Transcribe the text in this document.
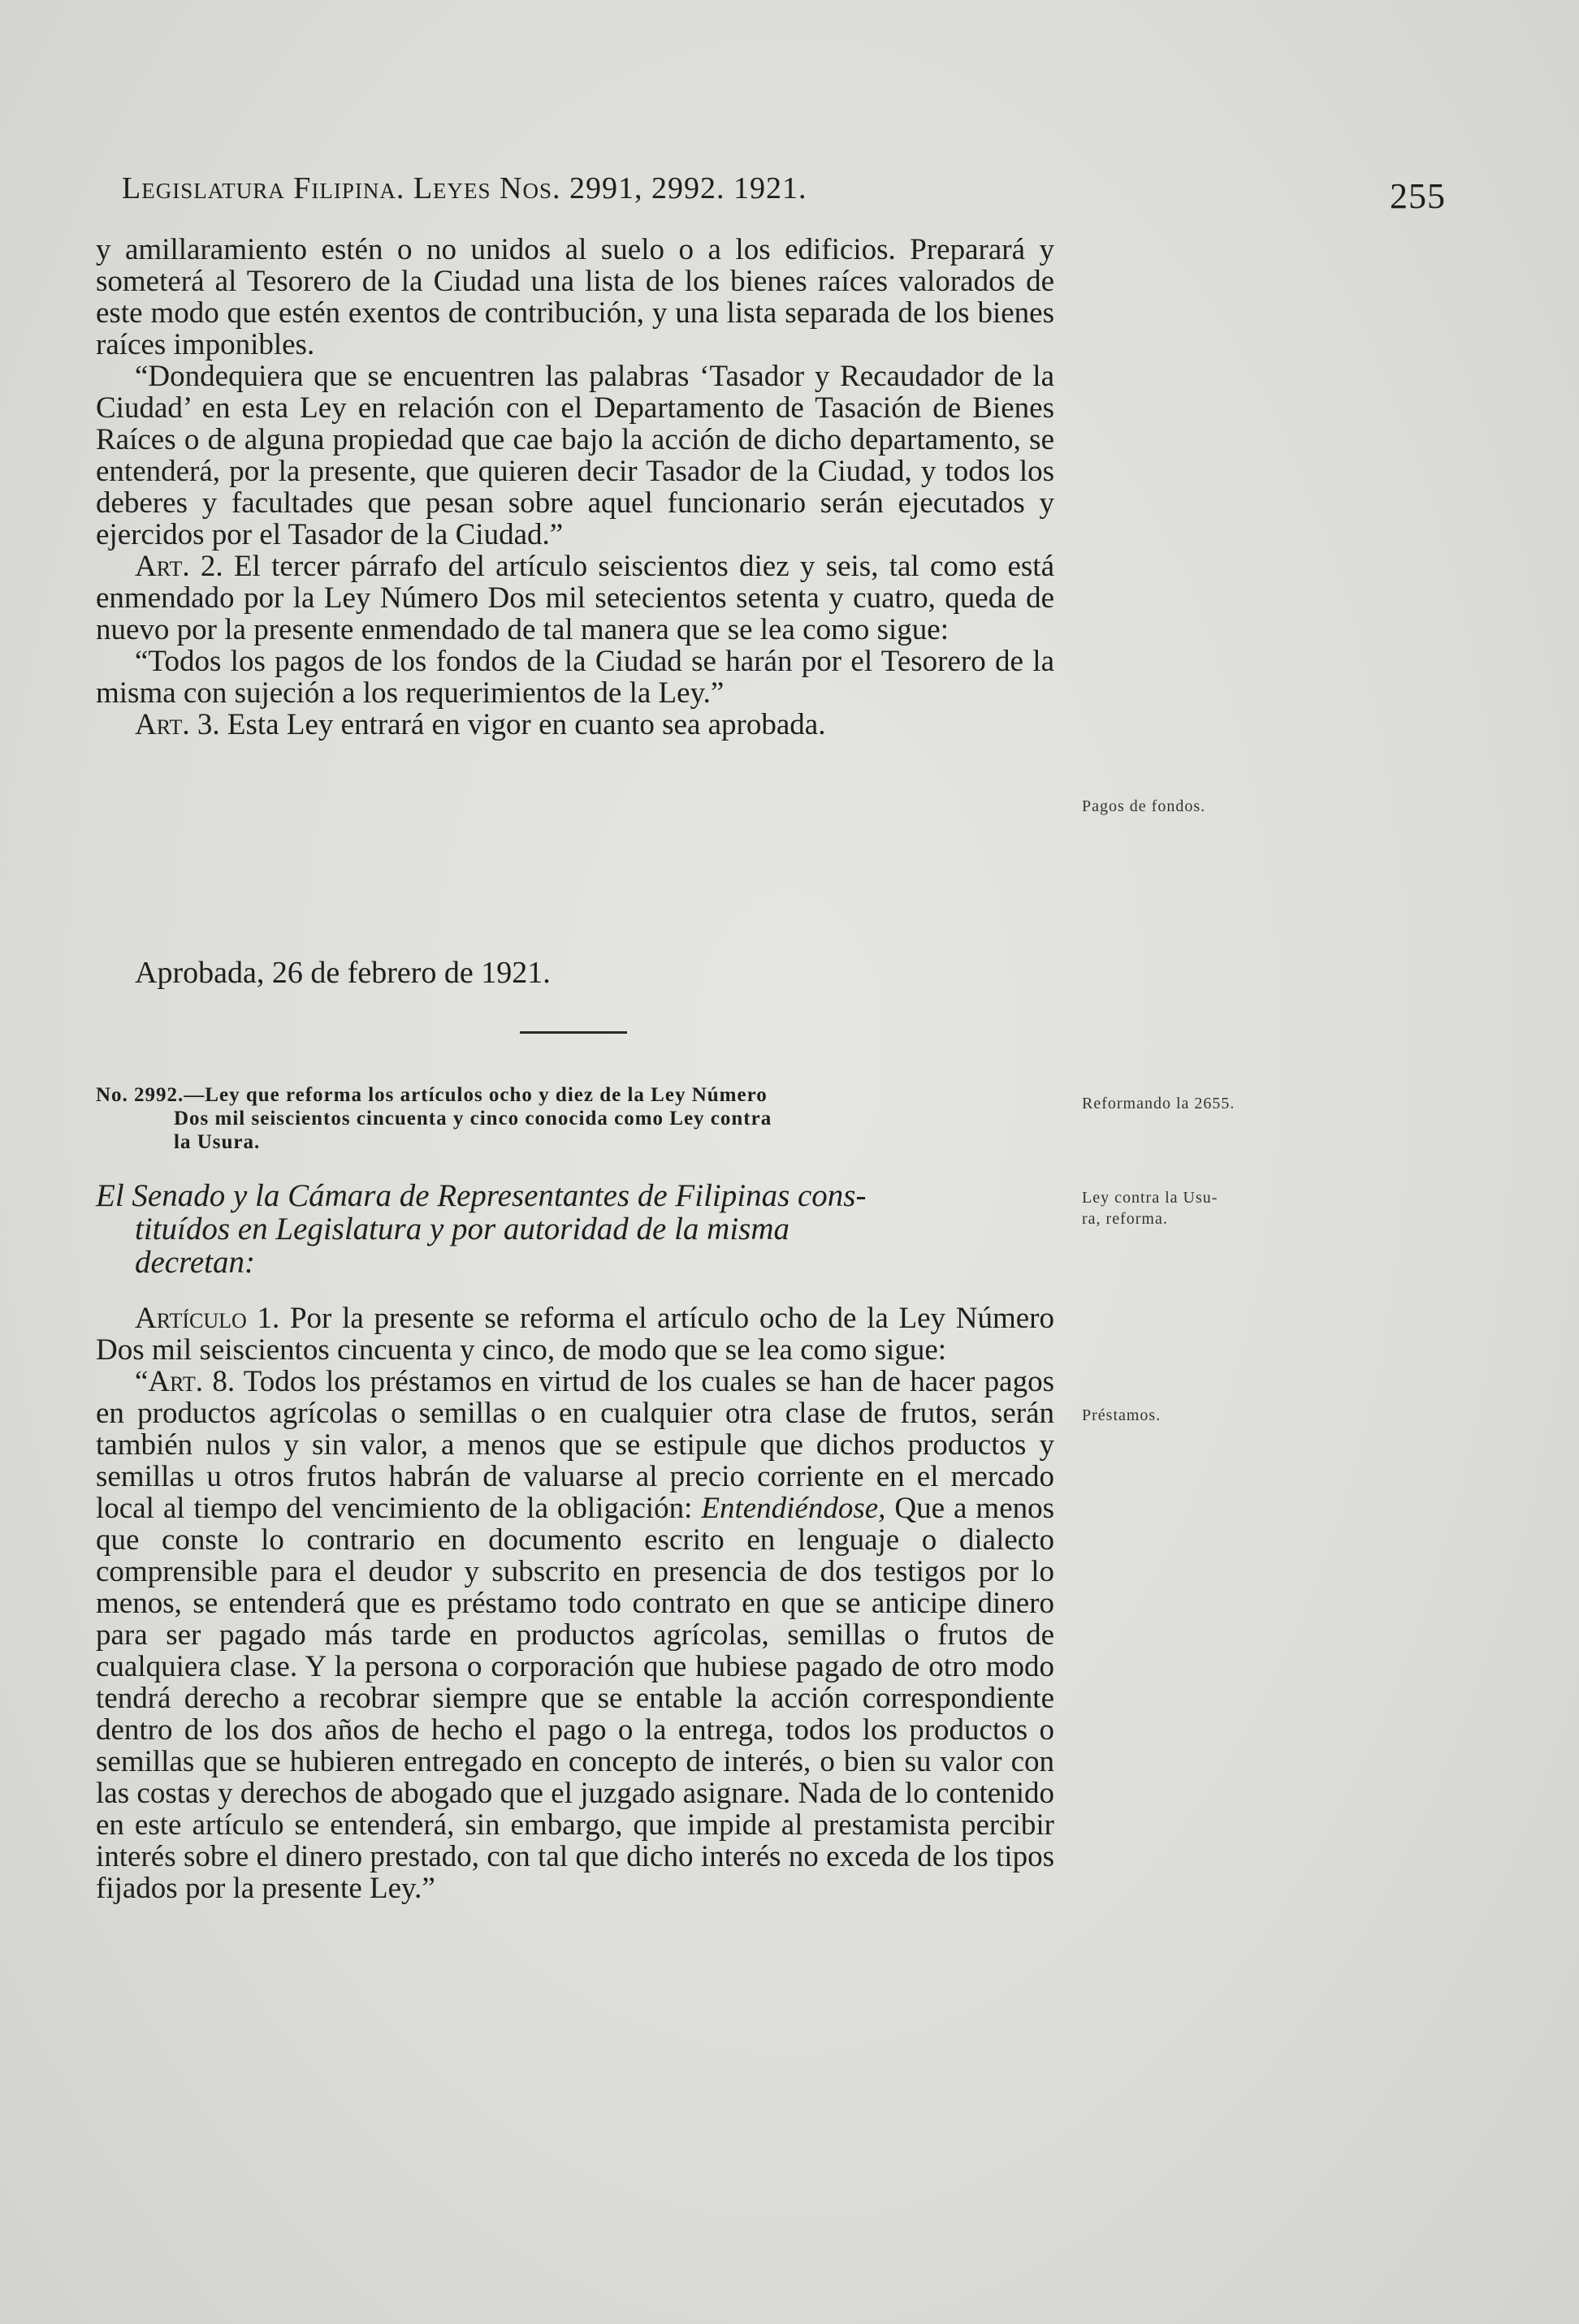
Legislatura Filipina. Leyes Nos. 2991, 2992. 1921.	255

y amillaramiento estén o no unidos al suelo o a los edificios. Preparará y someterá al Tesorero de la Ciudad una lista de los bienes raíces valorados de este modo que estén exentos de contribución, y una lista separada de los bienes raíces imponibles.

“Dondequiera que se encuentren las palabras ‘Tasador y Recaudador de la Ciudad’ en esta Ley en relación con el Departamento de Tasación de Bienes Raíces o de alguna propiedad que cae bajo la acción de dicho departamento, se entenderá, por la presente, que quieren decir Tasador de la Ciudad, y todos los deberes y facultades que pesan sobre aquel funcionario serán ejecutados y ejercidos por el Tasador de la Ciudad.”

Art. 2. El tercer párrafo del artículo seiscientos diez y seis, tal como está enmendado por la Ley Número Dos mil setecientos setenta y cuatro, queda de nuevo por la presente enmendado de tal manera que se lea como sigue:

“Todos los pagos de los fondos de la Ciudad se harán por el Tesorero de la misma con sujeción a los requerimientos de la Ley.”

Art. 3. Esta Ley entrará en vigor en cuanto sea aprobada.

Aprobada, 26 de febrero de 1921.
No. 2992.—Ley que reforma los artículos ocho y diez de la Ley Número
Dos mil seiscientos cincuenta y cinco conocida como Ley contra
la Usura.
El Senado y la Cámara de Representantes de Filipinas cons-
tituídos en Legislatura y por autoridad de la misma
decretan:

Artículo 1. Por la presente se reforma el artículo ocho de la Ley Número Dos mil seiscientos cincuenta y cinco, de modo que se lea como sigue:

“Art. 8. Todos los préstamos en virtud de los cuales se han de hacer pagos en productos agrícolas o semillas o en cualquier otra clase de frutos, serán también nulos y sin valor, a menos que se estipule que dichos productos y semillas u otros frutos habrán de valuarse al precio corriente en el mercado local al tiempo del vencimiento de la obligación: Entendiéndose, Que a menos que conste lo contrario en documento escrito en lenguaje o dialecto comprensible para el deudor y subscrito en presencia de dos testigos por lo menos, se entenderá que es préstamo todo contrato en que se anticipe dinero para ser pagado más tarde en productos agrícolas, semillas o frutos de cualquiera clase. Y la persona o corporación que hubiese pagado de otro modo tendrá derecho a recobrar siempre que se entable la acción correspondiente dentro de los dos años de hecho el pago o la entrega, todos los productos o semillas que se hubieren entregado en concepto de interés, o bien su valor con las costas y derechos de abogado que el juzgado asignare. Nada de lo contenido en este artículo se entenderá, sin embargo, que impide al prestamista percibir interés sobre el dinero prestado, con tal que dicho interés no exceda de los tipos fijados por la presente Ley.”

Pagos de fondos.
Reformando la 2655.
Ley contra la Usu-
ra, reforma.
Préstamos.
